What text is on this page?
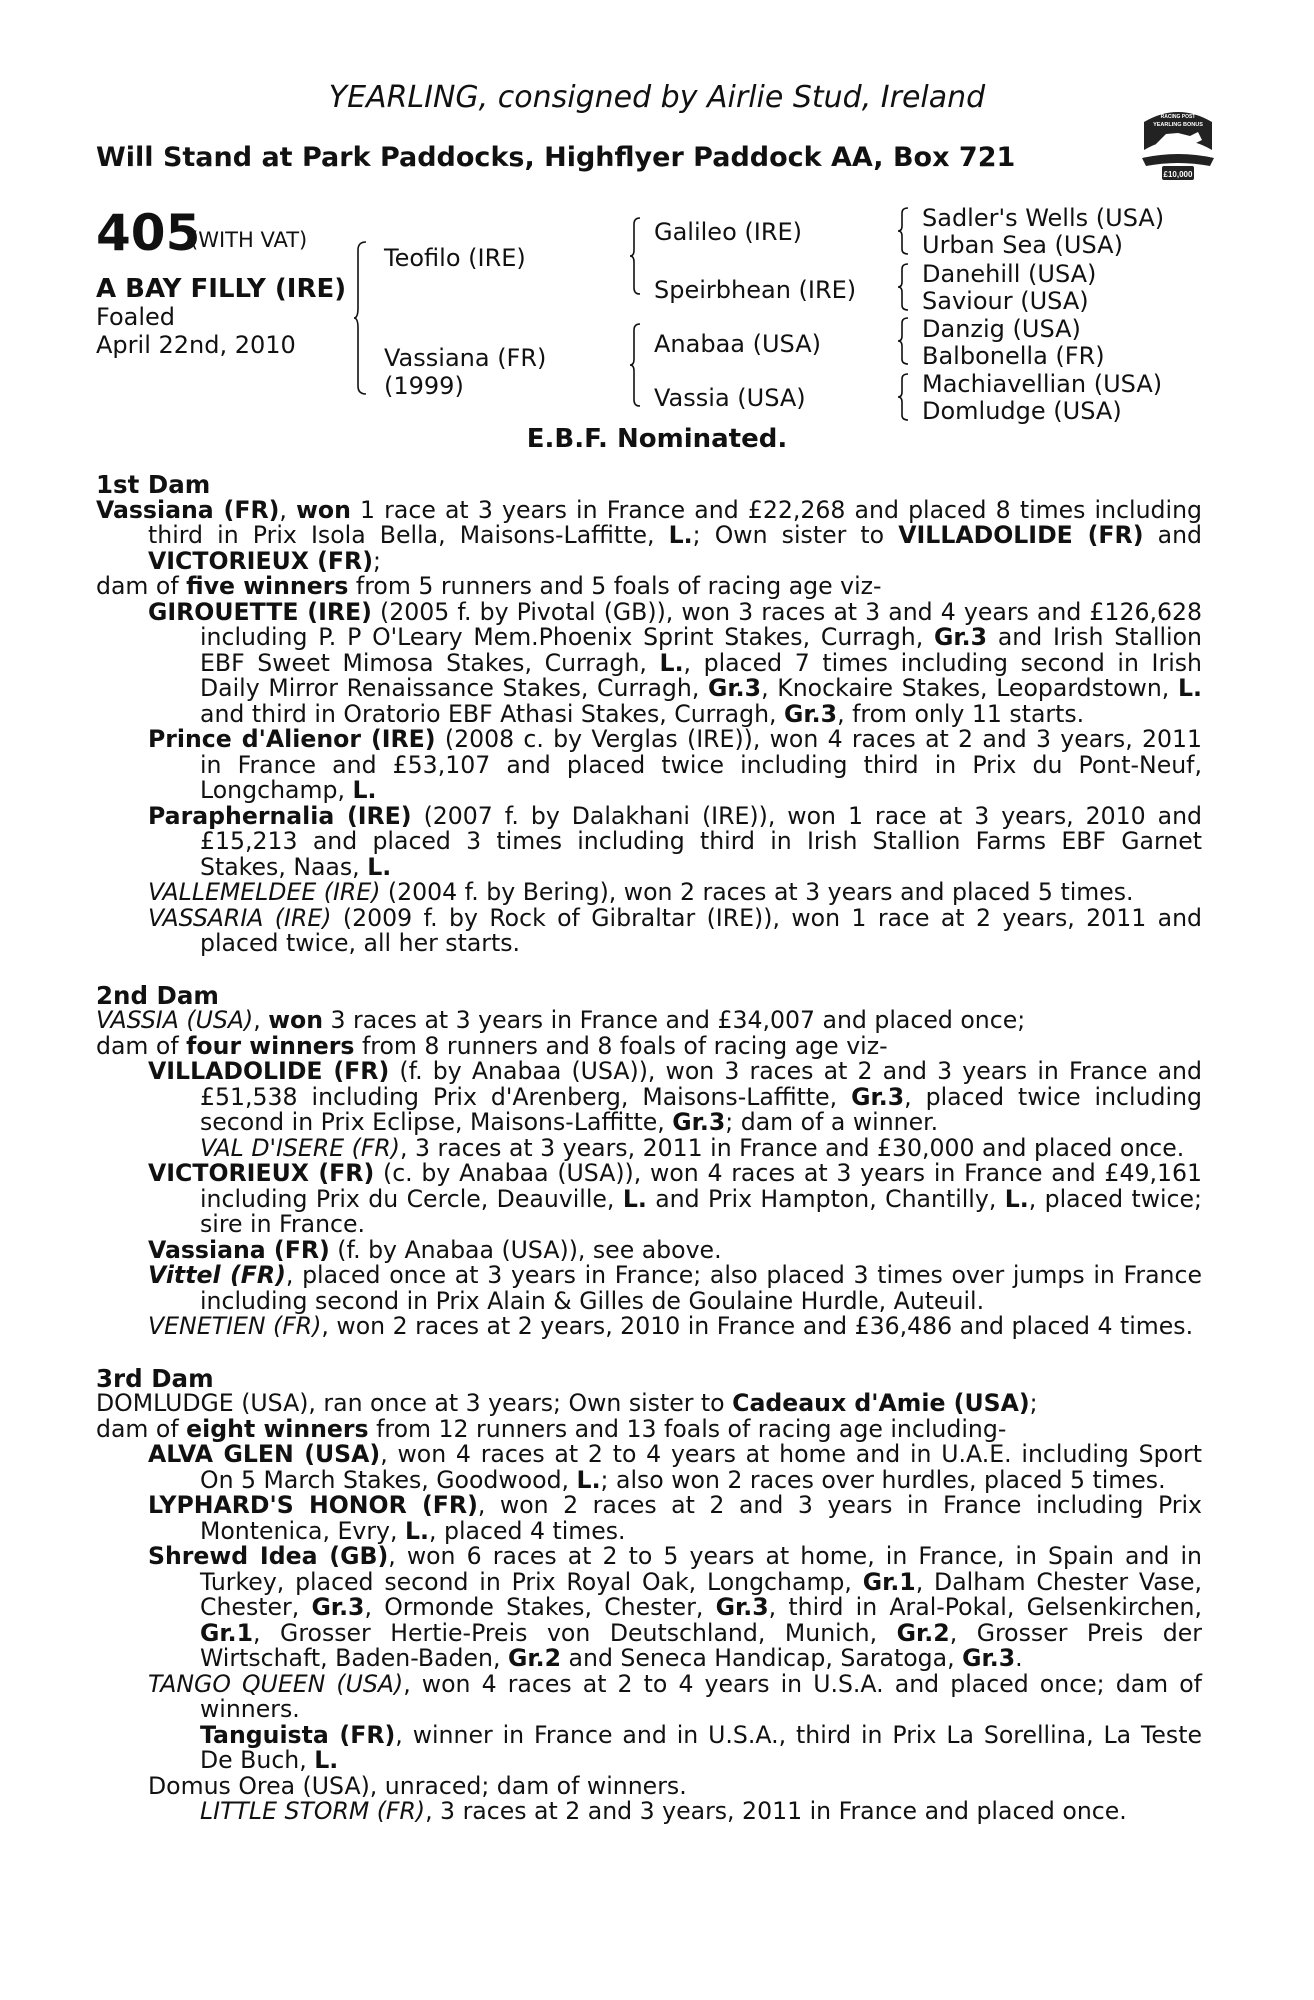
YEARLING, consigned by Airlie Stud, Ireland
Will Stand at Park Paddocks, Highflyer Paddock AA, Box 721
RACING POST
YEARLING BONUS
£10,000
405
(WITH VAT)
A BAY FILLY (IRE)
Foaled
April 22nd, 2010
Teofilo (IRE)
Vassiana (FR)
(1999)
Galileo (IRE)
Speirbhean (IRE)
Anabaa (USA)
Vassia (USA)
Sadler's Wells (USA)
Urban Sea (USA)
Danehill (USA)
Saviour (USA)
Danzig (USA)
Balbonella (FR)
Machiavellian (USA)
Domludge (USA)
E.B.F. Nominated.
1st Dam

Vassiana (FR), won 1 race at 3 years in France and £22,268 and placed 8 times including third in Prix Isola Bella, Maisons-Laffitte, L.; Own sister to VILLADOLIDE (FR) and VICTORIEUX (FR);

dam of five winners from 5 runners and 5 foals of racing age viz-

GIROUETTE (IRE) (2005 f. by Pivotal (GB)), won 3 races at 3 and 4 years and £126,628 including P. P O'Leary Mem.Phoenix Sprint Stakes, Curragh, Gr.3 and Irish Stallion EBF Sweet Mimosa Stakes, Curragh, L., placed 7 times including second in Irish Daily Mirror Renaissance Stakes, Curragh, Gr.3, Knockaire Stakes, Leopardstown, L. and third in Oratorio EBF Athasi Stakes, Curragh, Gr.3, from only 11 starts.

Prince d'Alienor (IRE) (2008 c. by Verglas (IRE)), won 4 races at 2 and 3 years, 2011 in France and £53,107 and placed twice including third in Prix du Pont-Neuf, Longchamp, L.

Paraphernalia (IRE) (2007 f. by Dalakhani (IRE)), won 1 race at 3 years, 2010 and £15,213 and placed 3 times including third in Irish Stallion Farms EBF Garnet Stakes, Naas, L.

VALLEMELDEE (IRE) (2004 f. by Bering), won 2 races at 3 years and placed 5 times.

VASSARIA (IRE) (2009 f. by Rock of Gibraltar (IRE)), won 1 race at 2 years, 2011 and placed twice, all her starts.

2nd Dam

VASSIA (USA), won 3 races at 3 years in France and £34,007 and placed once;

dam of four winners from 8 runners and 8 foals of racing age viz-

VILLADOLIDE (FR) (f. by Anabaa (USA)), won 3 races at 2 and 3 years in France and £51,538 including Prix d'Arenberg, Maisons-Laffitte, Gr.3, placed twice including second in Prix Eclipse, Maisons-Laffitte, Gr.3; dam of a winner.

VAL D'ISERE (FR), 3 races at 3 years, 2011 in France and £30,000 and placed once.

VICTORIEUX (FR) (c. by Anabaa (USA)), won 4 races at 3 years in France and £49,161 including Prix du Cercle, Deauville, L. and Prix Hampton, Chantilly, L., placed twice; sire in France.

Vassiana (FR) (f. by Anabaa (USA)), see above.

Vittel (FR), placed once at 3 years in France; also placed 3 times over jumps in France including second in Prix Alain & Gilles de Goulaine Hurdle, Auteuil.

VENETIEN (FR), won 2 races at 2 years, 2010 in France and £36,486 and placed 4 times.

3rd Dam

DOMLUDGE (USA), ran once at 3 years; Own sister to Cadeaux d'Amie (USA);

dam of eight winners from 12 runners and 13 foals of racing age including-

ALVA GLEN (USA), won 4 races at 2 to 4 years at home and in U.A.E. including Sport On 5 March Stakes, Goodwood, L.; also won 2 races over hurdles, placed 5 times.

LYPHARD'S HONOR (FR), won 2 races at 2 and 3 years in France including Prix Montenica, Evry, L., placed 4 times.

Shrewd Idea (GB), won 6 races at 2 to 5 years at home, in France, in Spain and in Turkey, placed second in Prix Royal Oak, Longchamp, Gr.1, Dalham Chester Vase, Chester, Gr.3, Ormonde Stakes, Chester, Gr.3, third in Aral-Pokal, Gelsenkirchen, Gr.1, Grosser Hertie-Preis von Deutschland, Munich, Gr.2, Grosser Preis der Wirtschaft, Baden-Baden, Gr.2 and Seneca Handicap, Saratoga, Gr.3.

TANGO QUEEN (USA), won 4 races at 2 to 4 years in U.S.A. and placed once; dam of winners.

Tanguista (FR), winner in France and in U.S.A., third in Prix La Sorellina, La Teste De Buch, L.

Domus Orea (USA), unraced; dam of winners.

LITTLE STORM (FR), 3 races at 2 and 3 years, 2011 in France and placed once.
